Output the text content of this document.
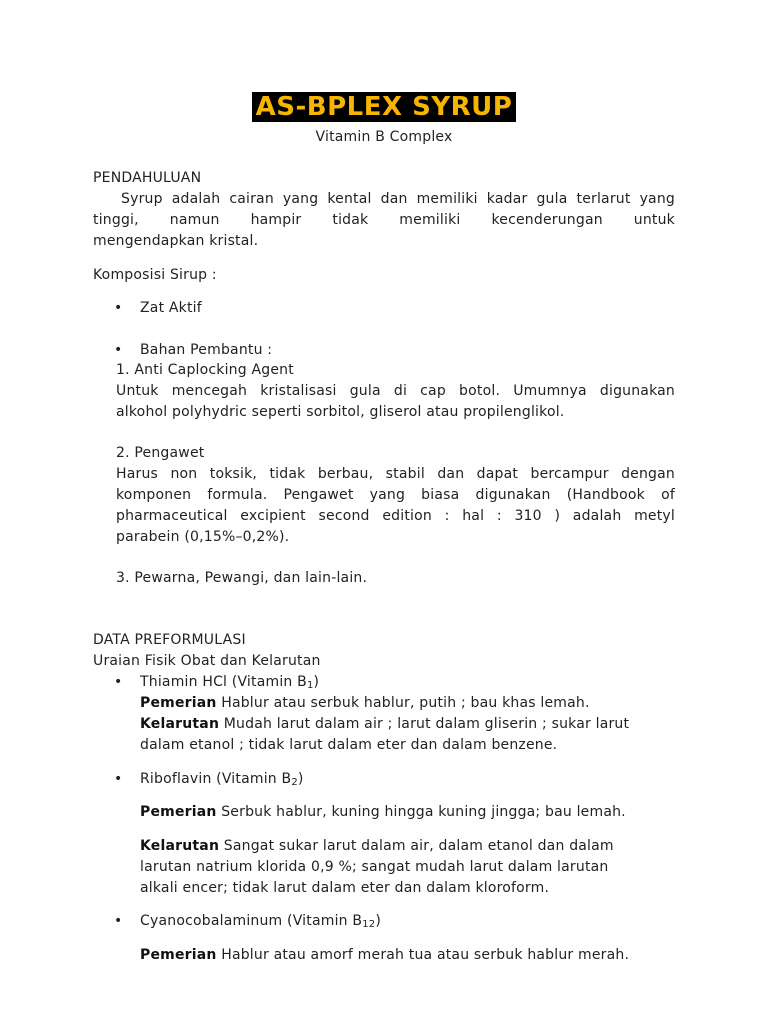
AS-BPLEX SYRUP
Vitamin B Complex
PENDAHULUAN
Syrup adalah cairan yang kental dan memiliki kadar gula terlarut yang
tinggi, namun hampir tidak memiliki kecenderungan untuk
mengendapkan kristal.
Komposisi Sirup :
• Zat Aktif
• Bahan Pembantu :
1. Anti Caplocking Agent
Untuk mencegah kristalisasi gula di cap botol. Umumnya digunakan
alkohol polyhydric seperti sorbitol, gliserol atau propilenglikol.
2. Pengawet
Harus non toksik, tidak berbau, stabil dan dapat bercampur dengan
komponen formula. Pengawet yang biasa digunakan (Handbook of
pharmaceutical excipient second edition : hal : 310 ) adalah metyl
parabein (0,15%–0,2%).
3. Pewarna, Pewangi, dan lain-lain.
DATA PREFORMULASI
Uraian Fisik Obat dan Kelarutan
• Thiamin HCl (Vitamin $B_1$)
Pemerian Hablur atau serbuk hablur, putih ; bau khas lemah.
Kelarutan Mudah larut dalam air ; larut dalam gliserin ; sukar larut
dalam etanol ; tidak larut dalam eter dan dalam benzene.
• Riboflavin (Vitamin $B_2$)
Pemerian Serbuk hablur, kuning hingga kuning jingga; bau lemah.
Kelarutan Sangat sukar larut dalam air, dalam etanol dan dalam
larutan natrium klorida 0,9 %; sangat mudah larut dalam larutan
alkali encer; tidak larut dalam eter dan dalam kloroform.
• Cyanocobalaminum (Vitamin $B_{12}$)
Pemerian Hablur atau amorf merah tua atau serbuk hablur merah.
